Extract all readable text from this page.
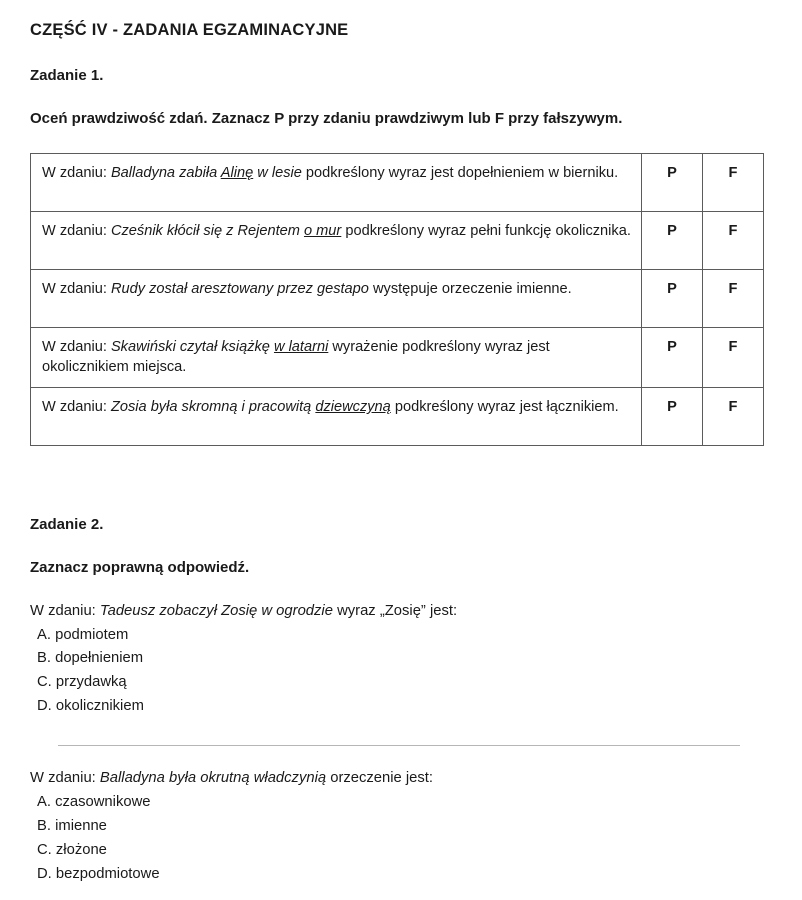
CZĘŚĆ IV - ZADANIA EGZAMINACYJNE
Zadanie 1.

Oceń prawdziwość zdań. Zaznacz P przy zdaniu prawdziwym lub F przy fałszywym.

W zdaniu: Balladyna zabiła Alinę w lesie podkreślony wyraz jest dopełnieniem w bierniku.	P	F
W zdaniu: Cześnik kłócił się z Rejentem o mur podkreślony wyraz pełni funkcję okolicznika.	P	F
W zdaniu: Rudy został aresztowany przez gestapo występuje orzeczenie imienne.	P	F
W zdaniu: Skawiński czytał książkę w latarni wyrażenie podkreślony wyraz jest okolicznikiem miejsca.	P	F
W zdaniu: Zosia była skromną i pracowitą dziewczyną podkreślony wyraz jest łącznikiem.	P	F
Zadanie 2.

Zaznacz poprawną odpowiedź.

W zdaniu: Tadeusz zobaczył Zosię w ogrodzie wyraz „Zosię” jest:

A. podmiotem

B. dopełnieniem

C. przydawką

D. okolicznikiem

W zdaniu: Balladyna była okrutną władczynią orzeczenie jest:

A. czasownikowe

B. imienne

C. złożone

D. bezpodmiotowe
